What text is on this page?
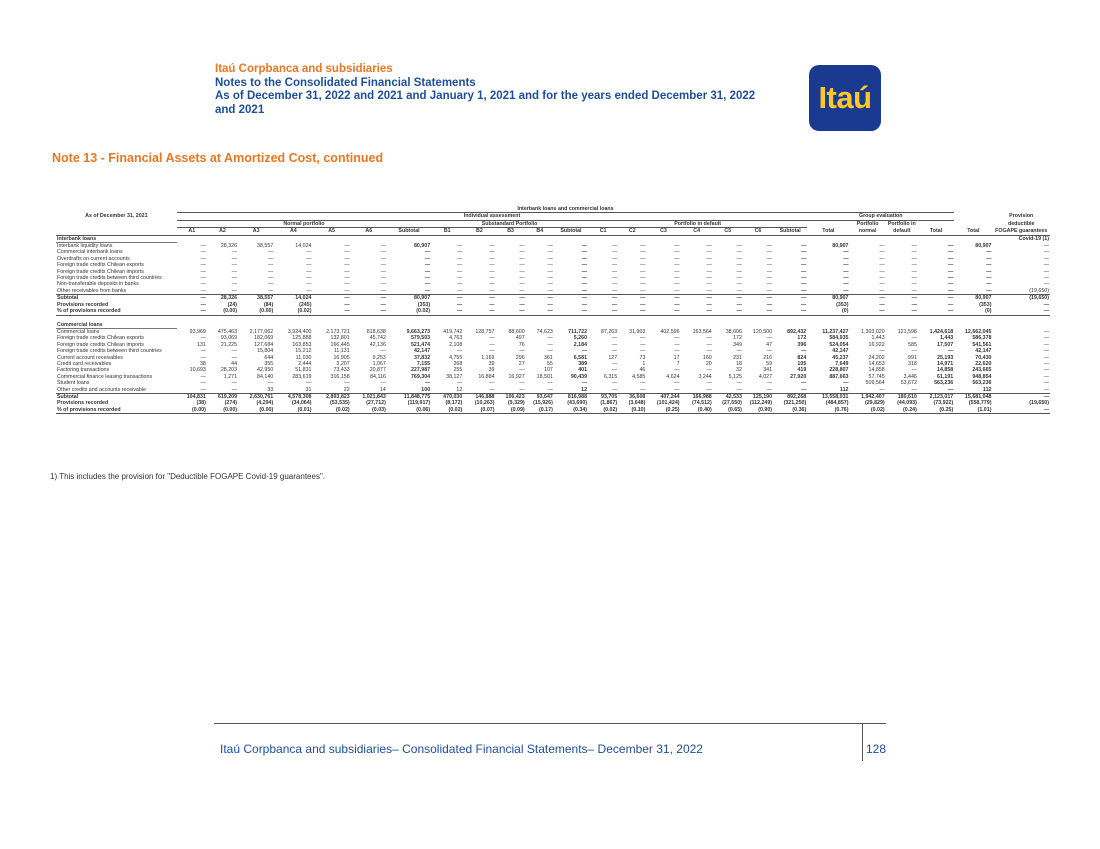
Itaú Corpbanca and subsidiaries
Notes to the Consolidated Financial Statements
As of December 31, 2022 and 2021 and January 1, 2021 and for the years ended December 31, 2022
and 2021	Itaú
Note 13 - Financial Assets at Amortized Cost, continued
	Interbank loans and commercial loans																								
As of December 31, 2021	Individual assessment																			Group evaluation					Provision
	Normal portfolio							Substandard Portfolio					Portfolio in default								Portfolio	Portfolio in			deductible
	A1	A2	A3	A4	A5	A6	Subtotal	B1	B2	B3	B4	Subtotal	C1	C2	C3	C4	C5	C6	Subtotal	Total	normal	default	Total	Total	FOGAPE guarantees
Interbank loans																									Covid-19 (1)
Interbank liquidity loans	—	28,326	38,557	14,024	—	—	80,907	—	—	—	—	—	—	—	—	—	—	—	—	80,907	—	—	—	80,907	—
Commercial interbank loans	—	—	—	—	—	—	—	—	—	—	—	—	—	—	—	—	—	—	—	—	—	—	—	—	—
Overdrafts on current accounts	—	—	—	—	—	—	—	—	—	—	—	—	—	—	—	—	—	—	—	—	—	—	—	—	—
Foreign trade credits Chilean exports	—	—	—	—	—	—	—	—	—	—	—	—	—	—	—	—	—	—	—	—	—	—	—	—	—
Foreign trade credits Chilean imports	—	—	—	—	—	—	—	—	—	—	—	—	—	—	—	—	—	—	—	—	—	—	—	—	—
Foreign trade credits between third countries	—	—	—	—	—	—	—	—	—	—	—	—	—	—	—	—	—	—	—	—	—	—	—	—	—
Non-transferable deposits in banks	—	—	—	—	—	—	—	—	—	—	—	—	—	—	—	—	—	—	—	—	—	—	—	—	—
Other receivables from banks	—	—	—	—	—	—	—	—	—	—	—	—	—	—	—	—	—	—	—	—	—	—	—	—	(19,650)
Subtotal	—	28,326	38,557	14,024	—	—	80,907	—	—	—	—	—	—	—	—	—	—	—	—	80,907	—	—	—	80,907	(19,650)
Provisions recorded	—	(24)	(84)	(245)	—	—	(353)	—	—	—	—	—	—	—	—	—	—	—	—	(353)	—	—	—	(353)	—
% of provisions recorded	—	(0.00)	(0.00)	(0.02)	—	—	(0.02)	—	—	—	—	—	—	—	—	—	—	—	—	(0)	—	—	—	(0)	—

Commercial loans																									
Commercial loans	93,969	475,463	2,177,062	3,924,400	2,173,721	818,638	9,663,273	419,742	128,757	88,600	74,623	711,722	87,263	31,903	402,596	163,564	38,606	120,500	892,432	11,237,427	1,303,020	121,598	1,424,618	12,662,045	—
Foreign trade credits Chilean exports	—	93,069	182,069	125,888	132,801	45,742	579,503	4,763	—	497	—	5,260	—	—	—	—	172	—	172	584,935	1,443	—	1,443	586,378	—
Foreign trade credits Chilean imports	131	21,225	127,684	163,853	166,445	42,136	521,474	2,108	—	76	—	2,184	—	—	—	—	349	47	396	524,054	16,922	585	17,507	541,561	—
Foreign trade credits between third countries	—	—	15,804	15,212	11,131	—	42,147	—	—	—	—	—	—	—	—	—	—	—	—	42,147	—	—	—	42,147	—
Current account receivables	—	—	644	11,030	16,905	9,253	37,832	4,755	1,169	296	361	6,581	127	73	17	160	231	216	824	45,237	24,202	991	25,193	70,430	—
Credit card receivables	38	44	355	2,444	3,207	1,067	7,155	268	39	27	55	389	—	1	7	20	18	59	105	7,649	14,653	318	14,971	22,620	—
Factoring transactions	10,693	28,203	42,950	51,831	73,433	20,877	227,987	255	39	—	107	401	—	46	—	—	32	341	419	228,807	14,858	—	14,858	243,665	—
Commercial finance leasing transactions	—	1,271	84,140	283,619	316,158	84,116	769,304	38,127	16,884	16,927	18,501	90,439	6,315	4,585	4,624	3,244	5,125	4,027	27,920	887,663	57,745	3,446	61,191	948,854	—
Student loans	—	—	—	—	—	—	—	—	—	—	—	—	—	—	—	—	—	—	—	—	509,564	53,672	563,236	563,236	—
Other credits and accounts receivable	—	—	33	31	22	14	100	12	—	—	—	12	—	—	—	—	—	—	—	112	—	—	—	112	—
Subtotal	104,831	619,209	2,630,761	4,578,308	2,893,823	1,021,843	11,848,775	470,030	146,888	106,423	93,647	816,988	93,705	36,608	407,244	166,988	42,533	125,190	892,268	13,558,031	1,942,407	180,610	2,123,017	15,681,048	—
Provisions recorded	(38)	(274)	(4,294)	(34,064)	(53,535)	(27,712)	(119,917)	(8,172)	(10,263)	(9,329)	(15,926)	(43,690)	(1,867)	(3,648)	(101,424)	(74,512)	(27,550)	(112,249)	(321,250)	(484,857)	(29,829)	(44,093)	(73,922)	(558,779)	(19,650)
% of provisions recorded	(0.00)	(0.00)	(0.00)	(0.01)	(0.02)	(0.03)	(0.06)	(0.02)	(0.07)	(0.09)	(0.17)	(0.34)	(0.02)	(0.10)	(0.25)	(0.40)	(0.65)	(0.90)	(0.36)	(0.76)	(0.02)	(0.24)	(0.25)	(1.01)	—
1) This includes the provision for "Deductible FOGAPE Covid-19 guarantees".
Itaú Corpbanca and subsidiaries– Consolidated Financial Statements– December 31, 2022	128
